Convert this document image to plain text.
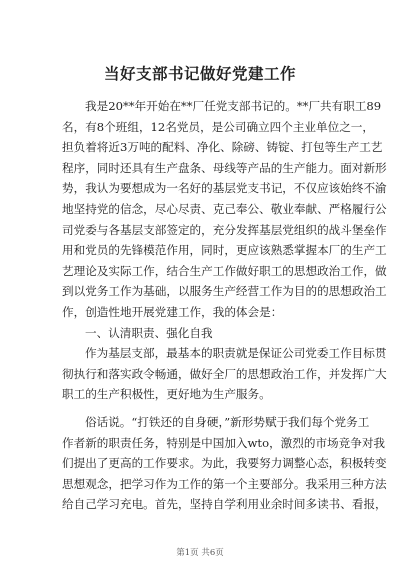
当好支部书记做好党建工作
我是20**年开始在**厂任党支部书记的。**厂共有职工89
名，有8个班组，12名党员，是公司确立四个主业单位之一，
担负着将近3万吨的配料、净化、除磅、铸锭、打包等生产工艺
程序，同时还具有生产盘条、母线等产品的生产能力。面对新形
势，我认为要想成为一名好的基层党支书记，不仅应该始终不渝
地坚持党的信念，尽心尽责、克己奉公、敬业奉献、严格履行公
司党委与各基层支部签定的，充分发挥基层党组织的战斗堡垒作
用和党员的先锋模范作用，同时，更应该熟悉掌握本厂的生产工
艺理论及实际工作，结合生产工作做好职工的思想政治工作，做
到以党务工作为基础，以服务生产经营工作为目的的思想政治工
作，创造性地开展党建工作，我的体会是：
一、认清职责、强化自我
作为基层支部，最基本的职责就是保证公司党委工作目标贯
彻执行和落实政令畅通，做好全厂的思想政治工作，并发挥广大
职工的生产积极性，更好地为生产服务。
俗话说。“打铁还的自身硬，”新形势赋于我们每个党务工
作者新的职责任务，特别是中国加入wto，激烈的市场竞争对我
们提出了更高的工作要求。为此，我要努力调整心态，积极转变
思想观念，把学习作为工作的第一个主要部分。我采用三种方法
给自己学习充电。首先，坚持自学利用业余时间多读书、看报，
第1页 共6页
